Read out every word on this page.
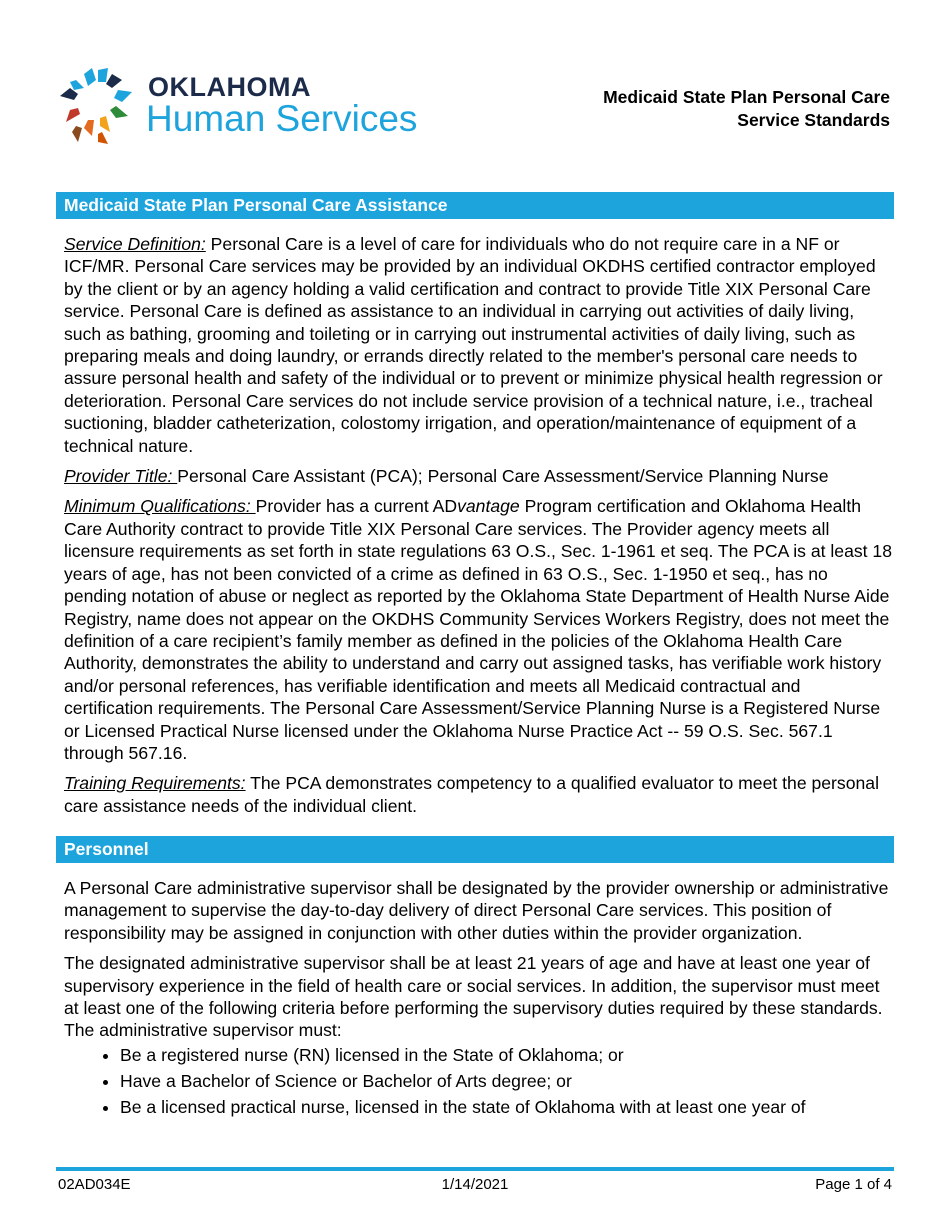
OKLAHOMA
Human Services
Medicaid State Plan Personal Care
Service Standards
Medicaid State Plan Personal Care Assistance

Service Definition: Personal Care is a level of care for individuals who do not require care in a NF or ICF/MR. Personal Care services may be provided by an individual OKDHS certified contractor employed by the client or by an agency holding a valid certification and contract to provide Title XIX Personal Care service. Personal Care is defined as assistance to an individual in carrying out activities of daily living, such as bathing, grooming and toileting or in carrying out instrumental activities of daily living, such as preparing meals and doing laundry, or errands directly related to the member's personal care needs to assure personal health and safety of the individual or to prevent or minimize physical health regression or deterioration. Personal Care services do not include service provision of a technical nature, i.e., tracheal suctioning, bladder catheterization, colostomy irrigation, and operation/maintenance of equipment of a technical nature.

Provider Title: Personal Care Assistant (PCA); Personal Care Assessment/Service Planning Nurse

Minimum Qualifications: Provider has a current ADvantage Program certification and Oklahoma Health Care Authority contract to provide Title XIX Personal Care services. The Provider agency meets all licensure requirements as set forth in state regulations 63 O.S., Sec. 1-1961 et seq. The PCA is at least 18 years of age, has not been convicted of a crime as defined in 63 O.S., Sec. 1-1950 et seq., has no pending notation of abuse or neglect as reported by the Oklahoma State Department of Health Nurse Aide Registry, name does not appear on the OKDHS Community Services Workers Registry, does not meet the definition of a care recipient’s family member as defined in the policies of the Oklahoma Health Care Authority, demonstrates the ability to understand and carry out assigned tasks, has verifiable work history and/or personal references, has verifiable identification and meets all Medicaid contractual and certification requirements. The Personal Care Assessment/Service Planning Nurse is a Registered Nurse or Licensed Practical Nurse licensed under the Oklahoma Nurse Practice Act -- 59 O.S. Sec. 567.1 through 567.16.

Training Requirements: The PCA demonstrates competency to a qualified evaluator to meet the personal care assistance needs of the individual client.

Personnel

A Personal Care administrative supervisor shall be designated by the provider ownership or administrative management to supervise the day-to-day delivery of direct Personal Care services. This position of responsibility may be assigned in conjunction with other duties within the provider organization.

The designated administrative supervisor shall be at least 21 years of age and have at least one year of supervisory experience in the field of health care or social services. In addition, the supervisor must meet at least one of the following criteria before performing the supervisory duties required by these standards. The administrative supervisor must:

• Be a registered nurse (RN) licensed in the State of Oklahoma; or
• Have a Bachelor of Science or Bachelor of Arts degree; or
• Be a licensed practical nurse, licensed in the state of Oklahoma with at least one year of
02AD034E	1/14/2021	Page 1 of 4
